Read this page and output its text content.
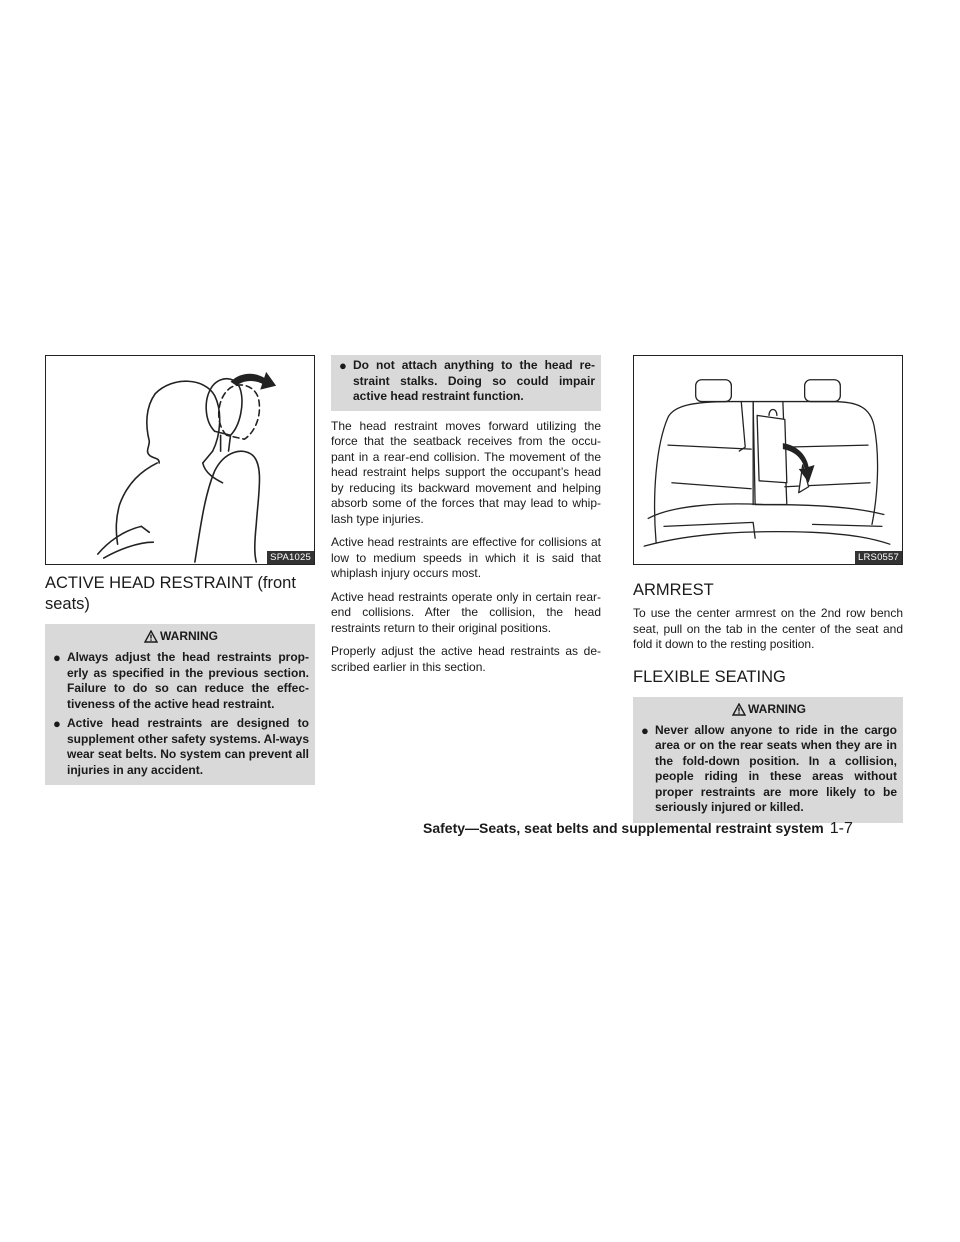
SPA1025
ACTIVE HEAD RESTRAINT (front seats)
WARNING
● Always adjust the head restraints prop-erly as specified in the previous section. Failure to do so can reduce the effec-tiveness of the active head restraint.
● Active head restraints are designed to supplement other safety systems. Al-ways wear seat belts. No system can prevent all injuries in any accident.
● Do not attach anything to the head re-straint stalks. Doing so could impair active head restraint function.

The head restraint moves forward utilizing the force that the seatback receives from the occu-pant in a rear-end collision. The movement of the head restraint helps support the occupant’s head by reducing its backward movement and helping absorb some of the forces that may lead to whip-lash type injuries.

Active head restraints are effective for collisions at low to medium speeds in which it is said that whiplash injury occurs most.

Active head restraints operate only in certain rear-end collisions. After the collision, the head restraints return to their original positions.

Properly adjust the active head restraints as de-scribed earlier in this section.

LRS0557
ARMREST

To use the center armrest on the 2nd row bench seat, pull on the tab in the center of the seat and fold it down to the resting position.

FLEXIBLE SEATING
WARNING
● Never allow anyone to ride in the cargo area or on the rear seats when they are in the fold-down position. In a collision, people riding in these areas without proper restraints are more likely to be seriously injured or killed.
Safety—Seats, seat belts and supplemental restraint system 1-7
